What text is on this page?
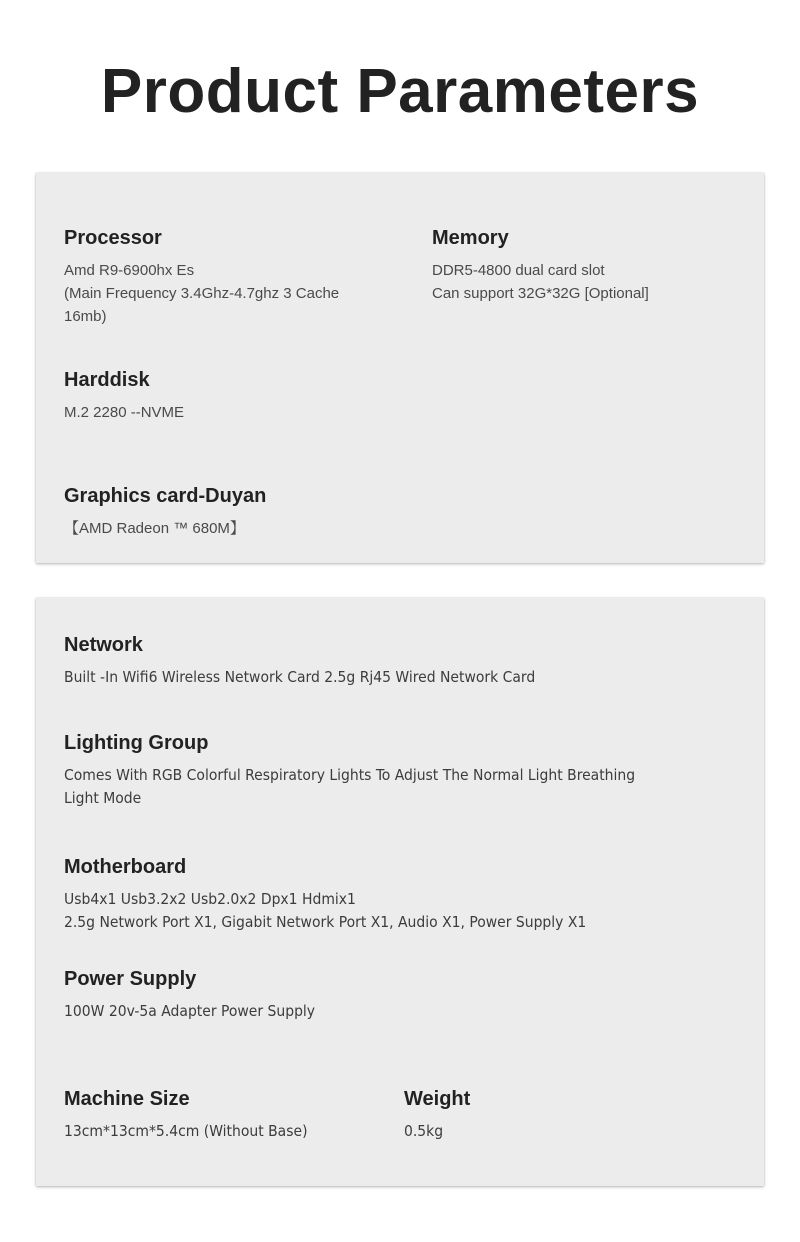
Product Parameters
Processor
Amd R9-6900hx Es
(Main Frequency 3.4Ghz-4.7ghz 3 Cache
16mb)
Memory
DDR5-4800 dual card slot
Can support 32G*32G [Optional]
Harddisk
M.2 2280 --NVME
Graphics card-Duyan
【AMD Radeon ™ 680M】
Network
Built -In Wifi6 Wireless Network Card 2.5g Rj45 Wired Network Card
Lighting Group
Comes With RGB Colorful Respiratory Lights To Adjust The Normal Light Breathing
Light Mode
Motherboard
Usb4x1 Usb3.2x2 Usb2.0x2 Dpx1 Hdmix1
2.5g Network Port X1, Gigabit Network Port X1, Audio X1, Power Supply X1
Power Supply
100W 20v-5a Adapter Power Supply
Machine Size
13cm*13cm*5.4cm (Without Base)
Weight
0.5kg
